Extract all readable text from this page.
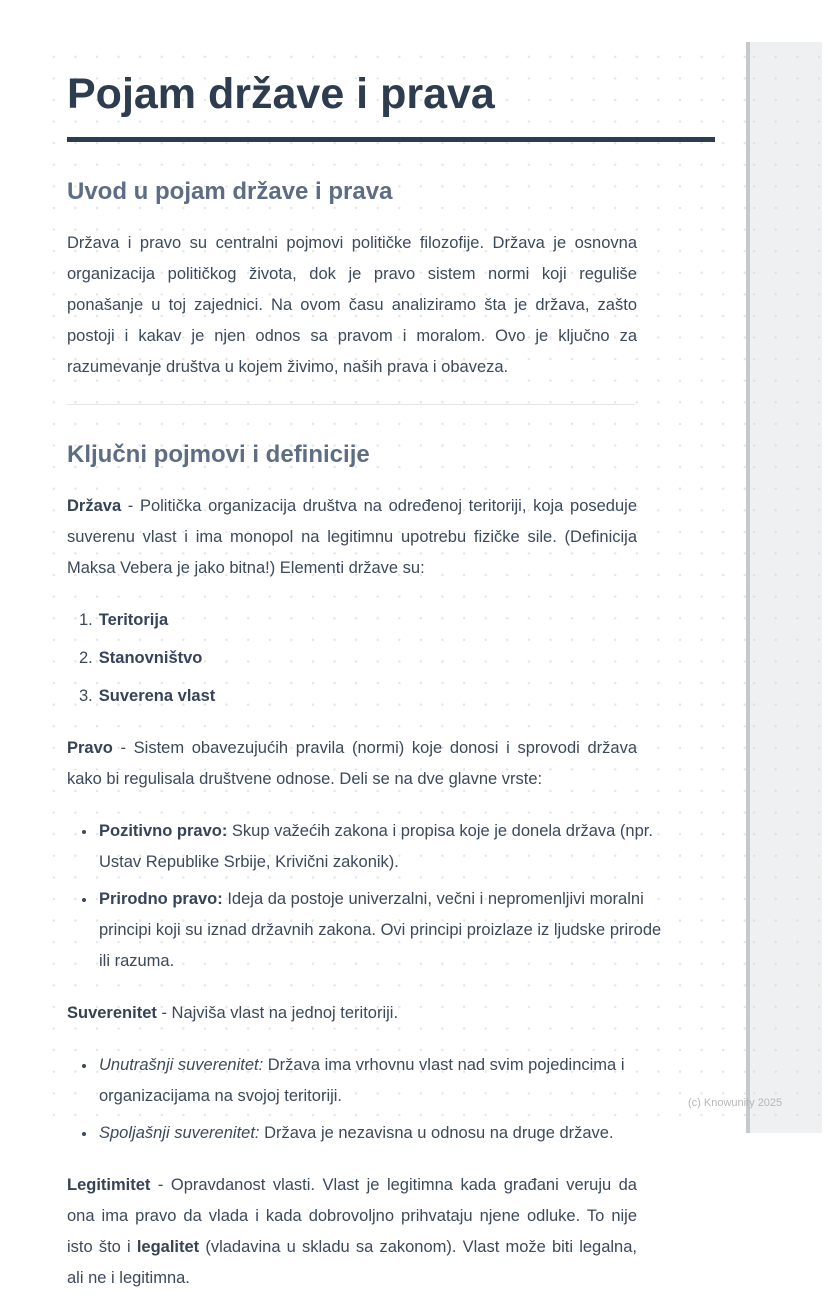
Pojam države i prava
Uvod u pojam države i prava

Država i pravo su centralni pojmovi političke filozofije. Država je osnovna organizacija političkog života, dok je pravo sistem normi koji reguliše ponašanje u toj zajednici. Na ovom času analiziramo šta je država, zašto postoji i kakav je njen odnos sa pravom i moralom. Ovo je ključno za razumevanje društva u kojem živimo, naših prava i obaveza.

Ključni pojmovi i definicije

Država - Politička organizacija društva na određenoj teritoriji, koja poseduje suverenu vlast i ima monopol na legitimnu upotrebu fizičke sile. (Definicija Maksa Vebera je jako bitna!) Elementi države su:

1. Teritorija
2. Stanovništvo
3. Suverena vlast

Pravo - Sistem obavezujućih pravila (normi) koje donosi i sprovodi država kako bi regulisala društvene odnose. Deli se na dve glavne vrste:

• Pozitivno pravo: Skup važećih zakona i propisa koje je donela država (npr. Ustav Republike Srbije, Krivični zakonik).
• Prirodno pravo: Ideja da postoje univerzalni, večni i nepromenljivi moralni principi koji su iznad državnih zakona. Ovi principi proizlaze iz ljudske prirode ili razuma.

Suverenitet - Najviša vlast na jednoj teritoriji.

• Unutrašnji suverenitet: Država ima vrhovnu vlast nad svim pojedincima i organizacijama na svojoj teritoriji.
• Spoljašnji suverenitet: Država je nezavisna u odnosu na druge države.

Legitimitet - Opravdanost vlasti. Vlast je legitimna kada građani veruju da ona ima pravo da vlada i kada dobrovoljno prihvataju njene odluke. To nije isto što i legalitet (vladavina u skladu sa zakonom). Vlast može biti legalna, ali ne i legitimna.

(c) Knowunity 2025
